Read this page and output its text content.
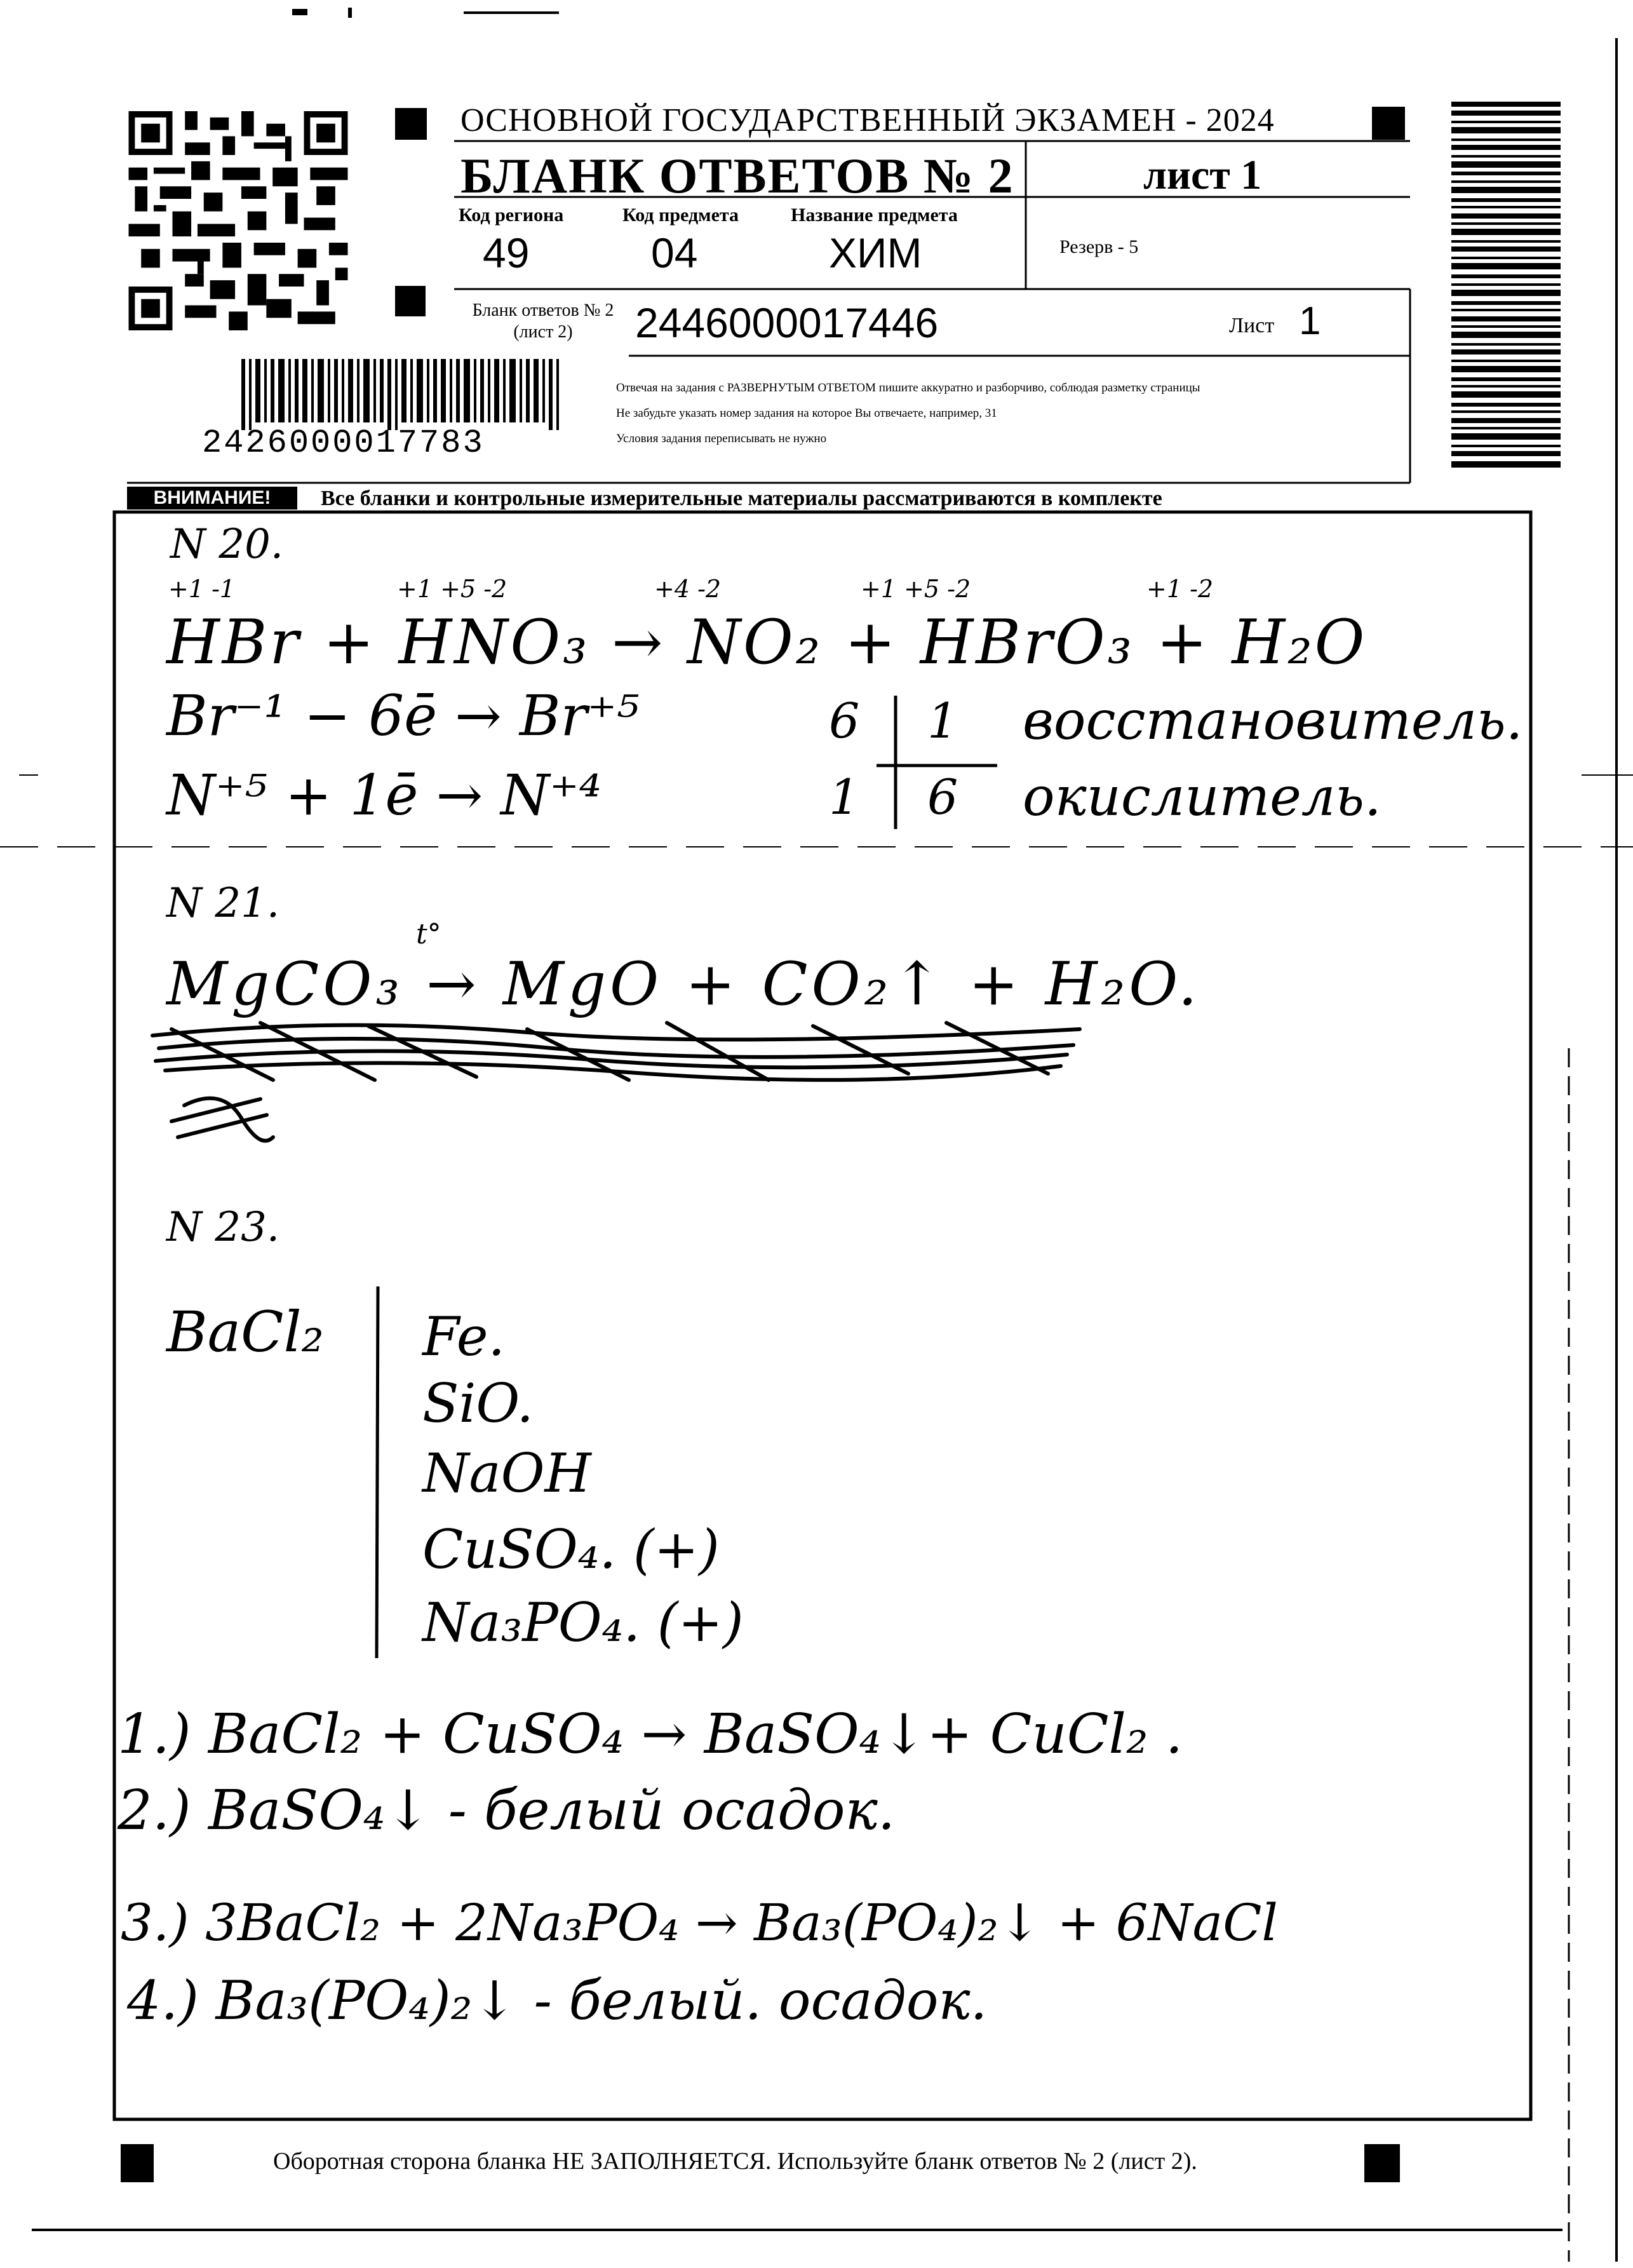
ОСНОВНОЙ ГОСУДАРСТВЕННЫЙ ЭКЗАМЕН - 2024
БЛАНК ОТВЕТОВ № 2	лист 1
Код региона
49
Код предмета
04
Название предмета
ХИМ	Резерв - 5
Бланк ответов № 2
(лист 2)	2446000017446	Лист 1
Отвечая на задания с РАЗВЕРНУТЫМ ОТВЕТОМ пишите аккуратно и разборчиво, соблюдая разметку страницы
Не забудьте указать номер задания на которое Вы отвечаете, например, 31
Условия задания переписывать не нужно
2426000017783
ВНИМАНИЕ!	Все бланки и контрольные измерительные материалы рассматриваются в комплекте
N 20.
+1 -1	+1 +5 -2	+4 -2	+1 +5 -2	+1 -2
HBr + HNO₃ → NO₂ + HBrO₃ + H₂O
Br⁻¹ − 6ē → Br⁺⁵	6 1 восстановитель.
N⁺⁵ + 1ē → N⁺⁴	1 6 окислитель.
N 21.
t°
MgCO₃ → MgO + CO₂↑ + H₂O.
N 23.
BaCl₂ Fe.
SiO.
NaOH
CuSO₄. (+)
Na₃PO₄. (+)
1.) BaCl₂ + CuSO₄ → BaSO₄↓+ CuCl₂ .
2.) BaSO₄↓ - белый осадок.
3.) 3BaCl₂ + 2Na₃PO₄ → Ba₃(PO₄)₂↓ + 6NaCl
4.) Ba₃(PO₄)₂↓ - белый. осадок.
Оборотная сторона бланка НЕ ЗАПОЛНЯЕТСЯ. Используйте бланк ответов № 2 (лист 2).
